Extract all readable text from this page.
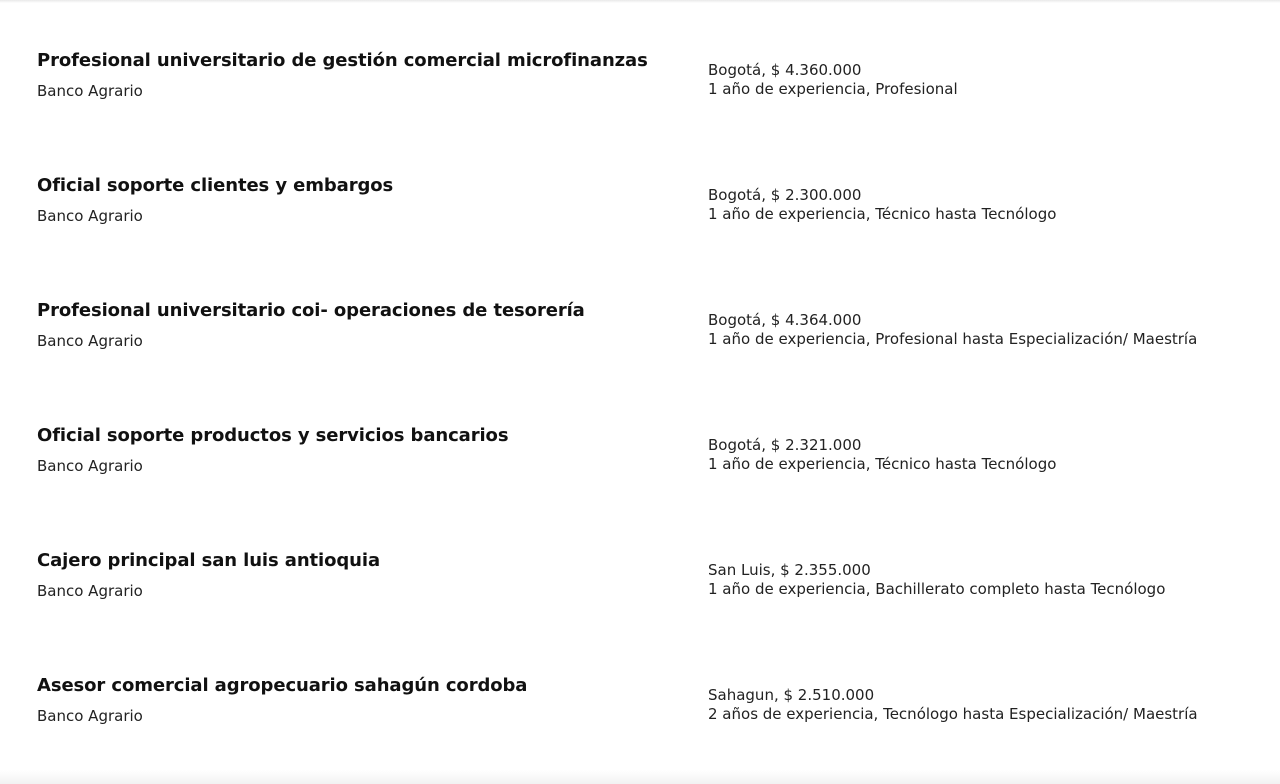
Profesional universitario de gestión comercial microfinanzas
Banco Agrario
Bogotá, $ 4.360.000
1 año de experiencia, Profesional
Oficial soporte clientes y embargos
Banco Agrario
Bogotá, $ 2.300.000
1 año de experiencia, Técnico hasta Tecnólogo
Profesional universitario coi- operaciones de tesorería
Banco Agrario
Bogotá, $ 4.364.000
1 año de experiencia, Profesional hasta Especialización/ Maestría
Oficial soporte productos y servicios bancarios
Banco Agrario
Bogotá, $ 2.321.000
1 año de experiencia, Técnico hasta Tecnólogo
Cajero principal san luis antioquia
Banco Agrario
San Luis, $ 2.355.000
1 año de experiencia, Bachillerato completo hasta Tecnólogo
Asesor comercial agropecuario sahagún cordoba
Banco Agrario
Sahagun, $ 2.510.000
2 años de experiencia, Tecnólogo hasta Especialización/ Maestría
